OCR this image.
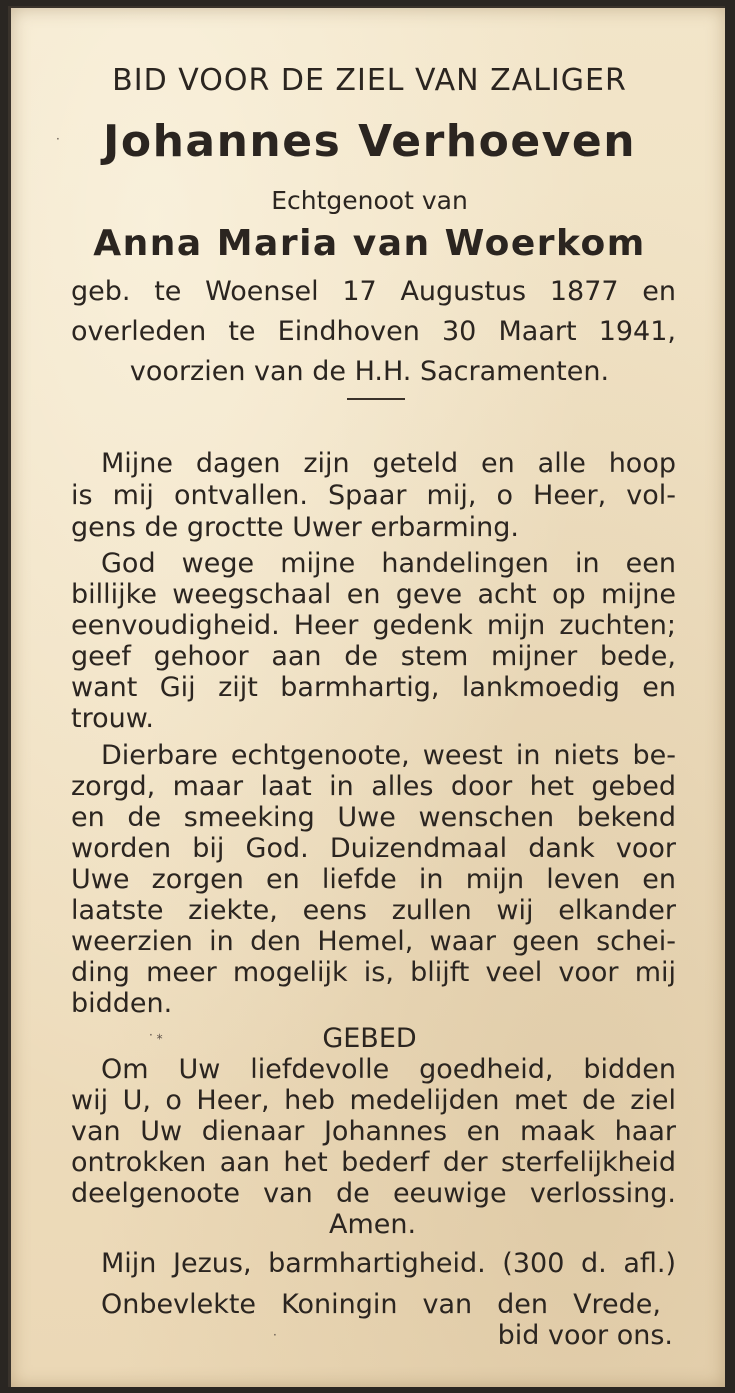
BID VOOR DE ZIEL VAN ZALIGER
Johannes Verhoeven
Echtgenoot van
Anna Maria van Woerkom
geb. te Woensel 17 Augustus 1877 en
overleden te Eindhoven 30 Maart 1941,
voorzien van de H.H. Sacramenten.
Mijne dagen zijn geteld en alle hoop
is mij ontvallen. Spaar mij, o Heer, vol-
gens de groctte Uwer erbarming.
God wege mijne handelingen in een
billijke weegschaal en geve acht op mijne
eenvoudigheid. Heer gedenk mijn zuchten;
geef gehoor aan de stem mijner bede,
want Gij zijt barmhartig, lankmoedig en
trouw.
Dierbare echtgenoote, weest in niets be-
zorgd, maar laat in alles door het gebed
en de smeeking Uwe wenschen bekend
worden bij God. Duizendmaal dank voor
Uwe zorgen en liefde in mijn leven en
laatste ziekte, eens zullen wij elkander
weerzien in den Hemel, waar geen schei-
ding meer mogelijk is, blijft veel voor mij
bidden.
GEBED
Om Uw liefdevolle goedheid, bidden
wij U, o Heer, heb medelijden met de ziel
van Uw dienaar Johannes en maak haar
ontrokken aan het bederf der sterfelijkheid
deelgenoote van de eeuwige verlossing.
Amen.
Mijn Jezus, barmhartigheid. (300 d. afl.)
Onbevlekte Koningin van den Vrede,
bid voor ons.
·
· ⁎
·
